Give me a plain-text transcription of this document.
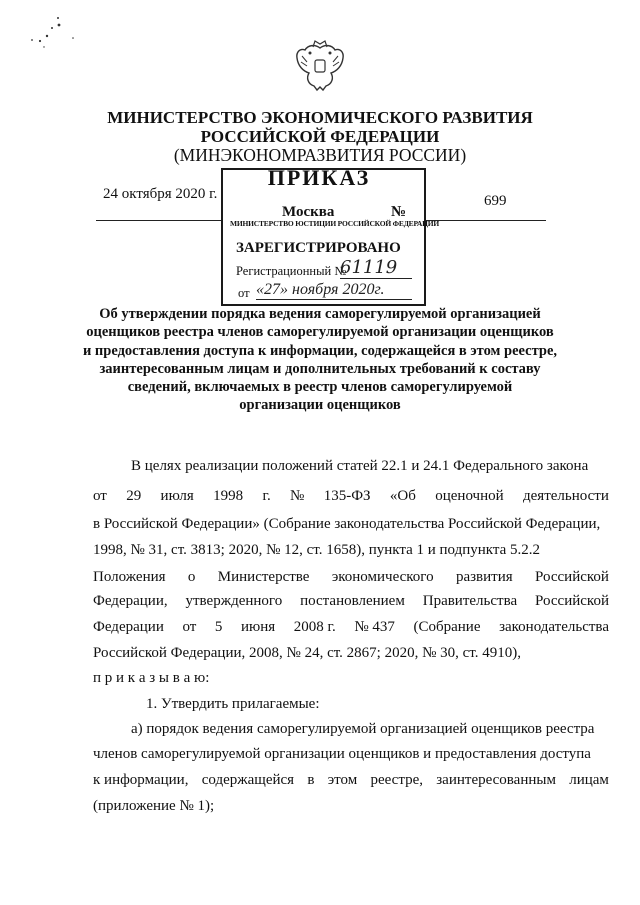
МИНИСТЕРСТВО ЭКОНОМИЧЕСКОГО РАЗВИТИЯ
РОССИЙСКОЙ ФЕДЕРАЦИИ
(МИНЭКОНОМРАЗВИТИЯ РОССИИ)
ПРИКАЗ
24 октября 2020 г.	699
Москва	№
МИНИСТЕРСТВО ЮСТИЦИИ РОССИЙСКОЙ ФЕДЕРАЦИИ
ЗАРЕГИСТРИРОВАНО
Регистрационный №
61119
от «27» ноября 2020г.
Об утверждении порядка ведения саморегулируемой организацией
оценщиков реестра членов саморегулируемой организации оценщиков
и предоставления доступа к информации, содержащейся в этом реестре,
заинтересованным лицам и дополнительных требований к составу
сведений, включаемых в реестр членов саморегулируемой
организации оценщиков
В целях реализации положений статей 22.1 и 24.1 Федерального закона
от 29 июля 1998 г. № 135-ФЗ «Об оценочной деятельности
в Российской Федерации» (Собрание законодательства Российской Федерации,
1998, № 31, ст. 3813; 2020, № 12, ст. 1658), пункта 1 и подпункта 5.2.2
Положения о Министерстве экономического развития Российской
Федерации, утвержденного постановлением Правительства Российской
Федерации от 5 июня 2008 г. № 437 (Собрание законодательства
Российской Федерации, 2008, № 24, ст. 2867; 2020, № 30, ст. 4910),
п р и к а з ы в а ю:
1. Утвердить прилагаемые:
а) порядок ведения саморегулируемой организацией оценщиков реестра
членов саморегулируемой организации оценщиков и предоставления доступа
к информации, содержащейся в этом реестре, заинтересованным лицам
(приложение № 1);
